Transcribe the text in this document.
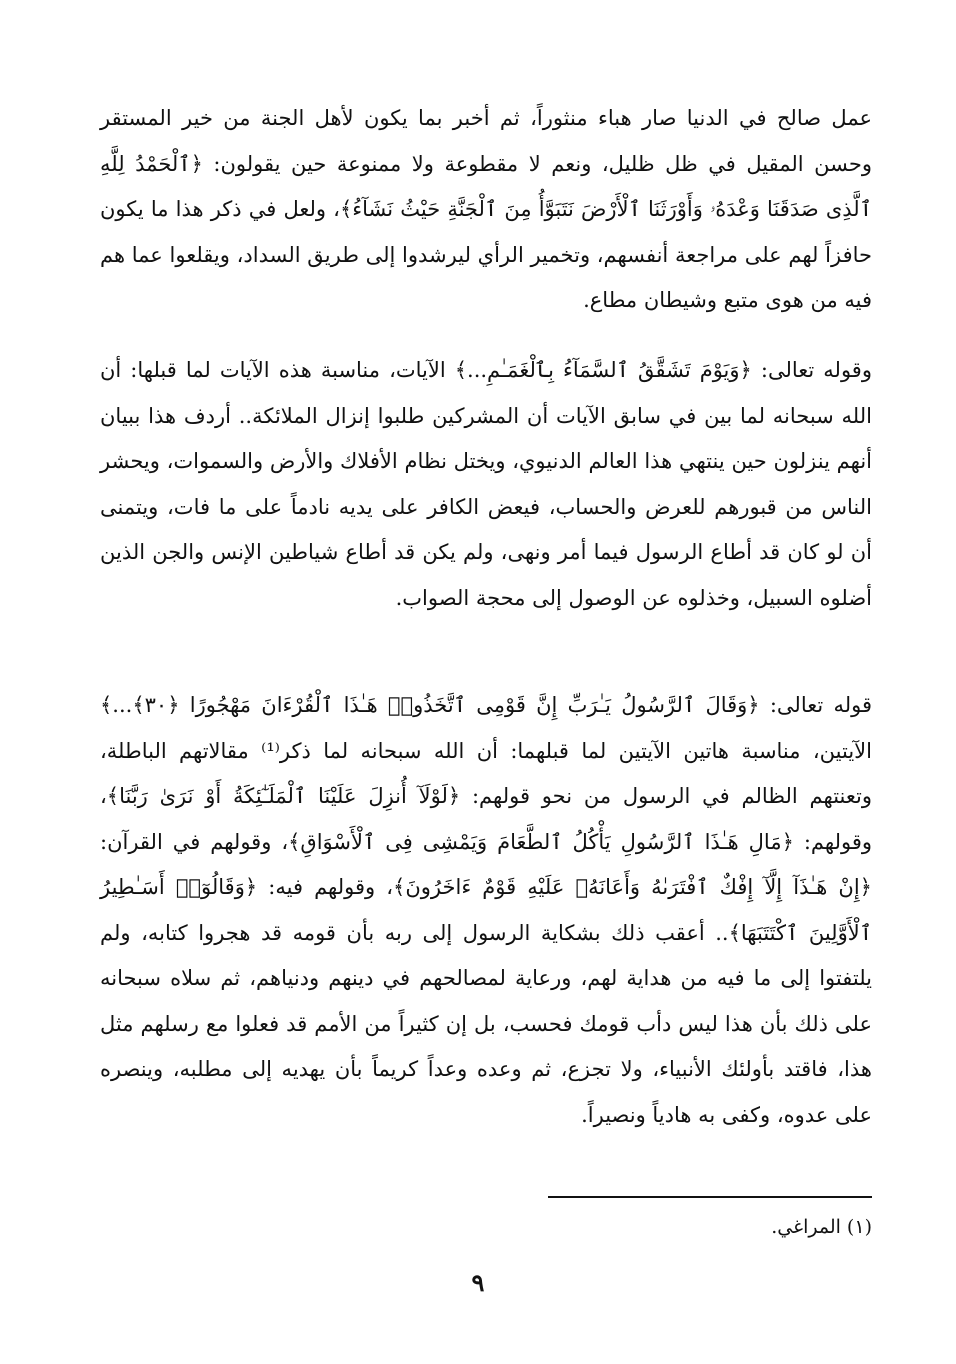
عمل صالح في الدنيا صار هباء منثوراً، ثم أخبر بما يكون لأهل الجنة من خير المستقر وحسن المقيل في ظل ظليل، ونعم لا مقطوعة ولا ممنوعة حين يقولون: ﴿ٱلْحَمْدُ لِلَّهِ ٱلَّذِى صَدَقَنَا وَعْدَهُۥ وَأَوْرَثَنَا ٱلْأَرْضَ نَتَبَوَّأُ مِنَ ٱلْجَنَّةِ حَيْثُ نَشَآءُ﴾، ولعل في ذكر هذا ما يكون حافزاً لهم على مراجعة أنفسهم، وتخمير الرأي ليرشدوا إلى طريق السداد، ويقلعوا عما هم فيه من هوى متبع وشيطان مطاع.

وقوله تعالى: ﴿وَيَوْمَ تَشَقَّقُ ٱلسَّمَآءُ بِٱلْغَمَـٰمِ...﴾ الآيات، مناسبة هذه الآيات لما قبلها: أن الله سبحانه لما بين في سابق الآيات أن المشركين طلبوا إنزال الملائكة.. أردف هذا ببيان أنهم ينزلون حين ينتهي هذا العالم الدنيوي، ويختل نظام الأفلاك والأرض والسموات، ويحشر الناس من قبورهم للعرض والحساب، فيعض الكافر على يديه نادماً على ما فات، ويتمنى أن لو كان قد أطاع الرسول فيما أمر ونهى، ولم يكن قد أطاع شياطين الإنس والجن الذين أضلوه السبيل، وخذلوه عن الوصول إلى محجة الصواب.

قوله تعالى: ﴿وَقَالَ ٱلرَّسُولُ يَـٰرَبِّ إِنَّ قَوْمِى ٱتَّخَذُوا۟ هَـٰذَا ٱلْقُرْءَانَ مَهْجُورًا ﴿٣٠﴾...﴾ الآيتين، مناسبة هاتين الآيتين لما قبلهما: أن الله سبحانه لما ذكر⁽¹⁾ مقالاتهم الباطلة، وتعنتهم الظالم في الرسول من نحو قولهم: ﴿لَوْلَآ أُنزِلَ عَلَيْنَا ٱلْمَلَـٰٓئِكَةُ أَوْ نَرَىٰ رَبَّنَا﴾، وقولهم: ﴿مَالِ هَـٰذَا ٱلرَّسُولِ يَأْكُلُ ٱلطَّعَامَ وَيَمْشِى فِى ٱلْأَسْوَاقِ﴾، وقولهم في القرآن: ﴿إِنْ هَـٰذَآ إِلَّآ إِفْكٌ ٱفْتَرَىٰهُ وَأَعَانَهُۥ عَلَيْهِ قَوْمٌ ءَاخَرُونَ﴾، وقولهم فيه: ﴿وَقَالُوٓا۟ أَسَـٰطِيرُ ٱلْأَوَّلِينَ ٱكْتَتَبَهَا﴾.. أعقب ذلك بشكاية الرسول إلى ربه بأن قومه قد هجروا كتابه، ولم يلتفتوا إلى ما فيه من هداية لهم، ورعاية لمصالحهم في دينهم ودنياهم، ثم سلاه سبحانه على ذلك بأن هذا ليس دأب قومك فحسب، بل إن كثيراً من الأمم قد فعلوا مع رسلهم مثل هذا، فاقتد بأولئك الأنبياء، ولا تجزع، ثم وعده وعداً كريماً بأن يهديه إلى مطلبه، وينصره على عدوه، وكفى به هادياً ونصيراً.

(١) المراغي.
٩
